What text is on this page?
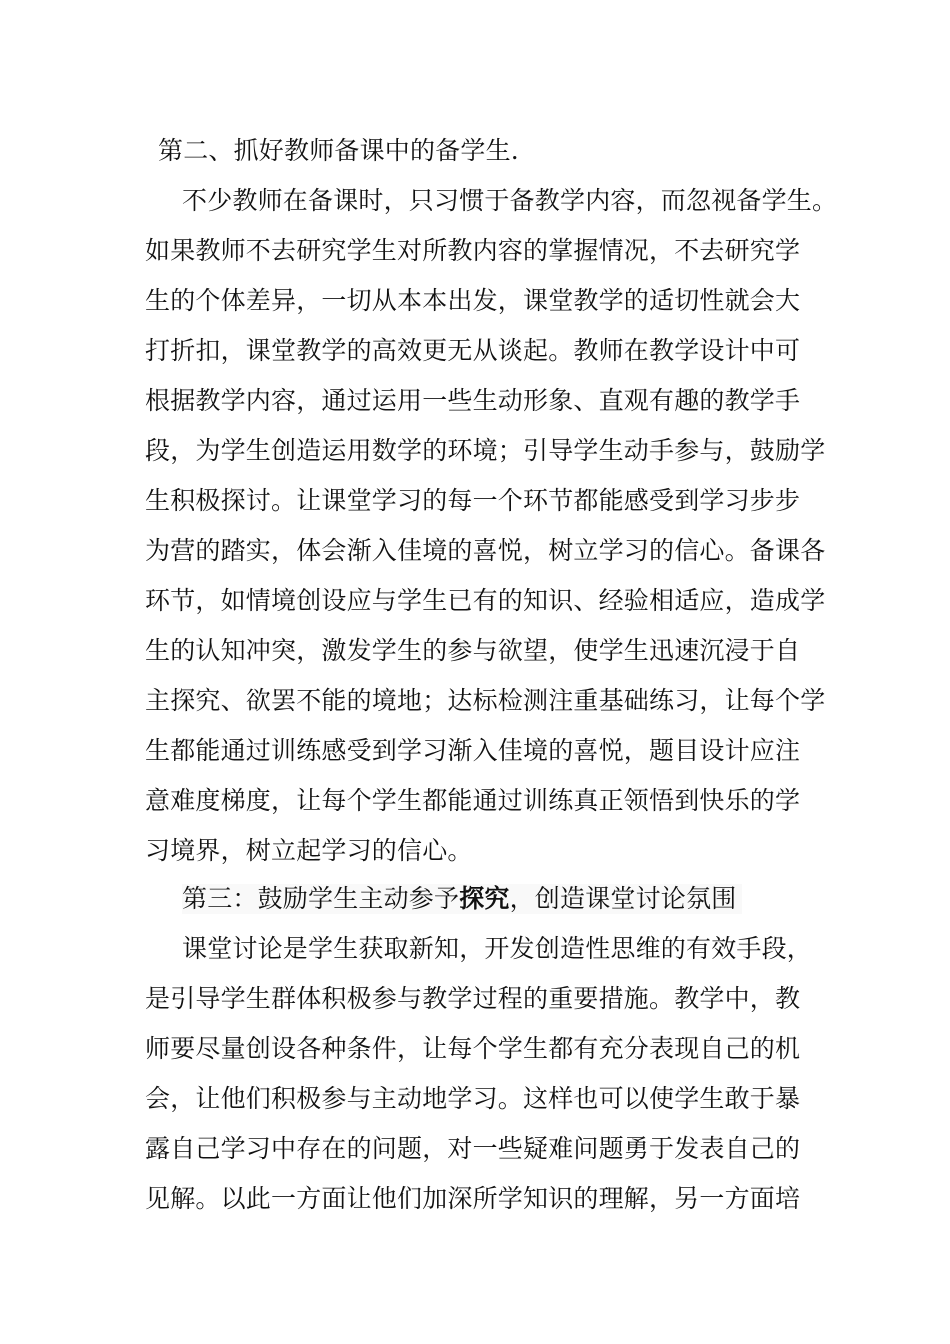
第二、抓好教师备课中的备学生.
不少教师在备课时，只习惯于备教学内容，而忽视备学生。
如果教师不去研究学生对所教内容的掌握情况，不去研究学
生的个体差异，一切从本本出发，课堂教学的适切性就会大
打折扣，课堂教学的高效更无从谈起。教师在教学设计中可
根据教学内容，通过运用一些生动形象、直观有趣的教学手
段，为学生创造运用数学的环境；引导学生动手参与，鼓励学
生积极探讨。让课堂学习的每一个环节都能感受到学习步步
为营的踏实，体会渐入佳境的喜悦，树立学习的信心。备课各
环节，如情境创设应与学生已有的知识、经验相适应，造成学
生的认知冲突，激发学生的参与欲望，使学生迅速沉浸于自
主探究、欲罢不能的境地；达标检测注重基础练习，让每个学
生都能通过训练感受到学习渐入佳境的喜悦，题目设计应注
意难度梯度，让每个学生都能通过训练真正领悟到快乐的学
习境界，树立起学习的信心。
第三：鼓励学生主动参予探究，创造课堂讨论氛围
课堂讨论是学生获取新知，开发创造性思维的有效手段，
是引导学生群体积极参与教学过程的重要措施。教学中，教
师要尽量创设各种条件，让每个学生都有充分表现自己的机
会，让他们积极参与主动地学习。这样也可以使学生敢于暴
露自己学习中存在的问题，对一些疑难问题勇于发表自己的
见解。以此一方面让他们加深所学知识的理解，另一方面培
